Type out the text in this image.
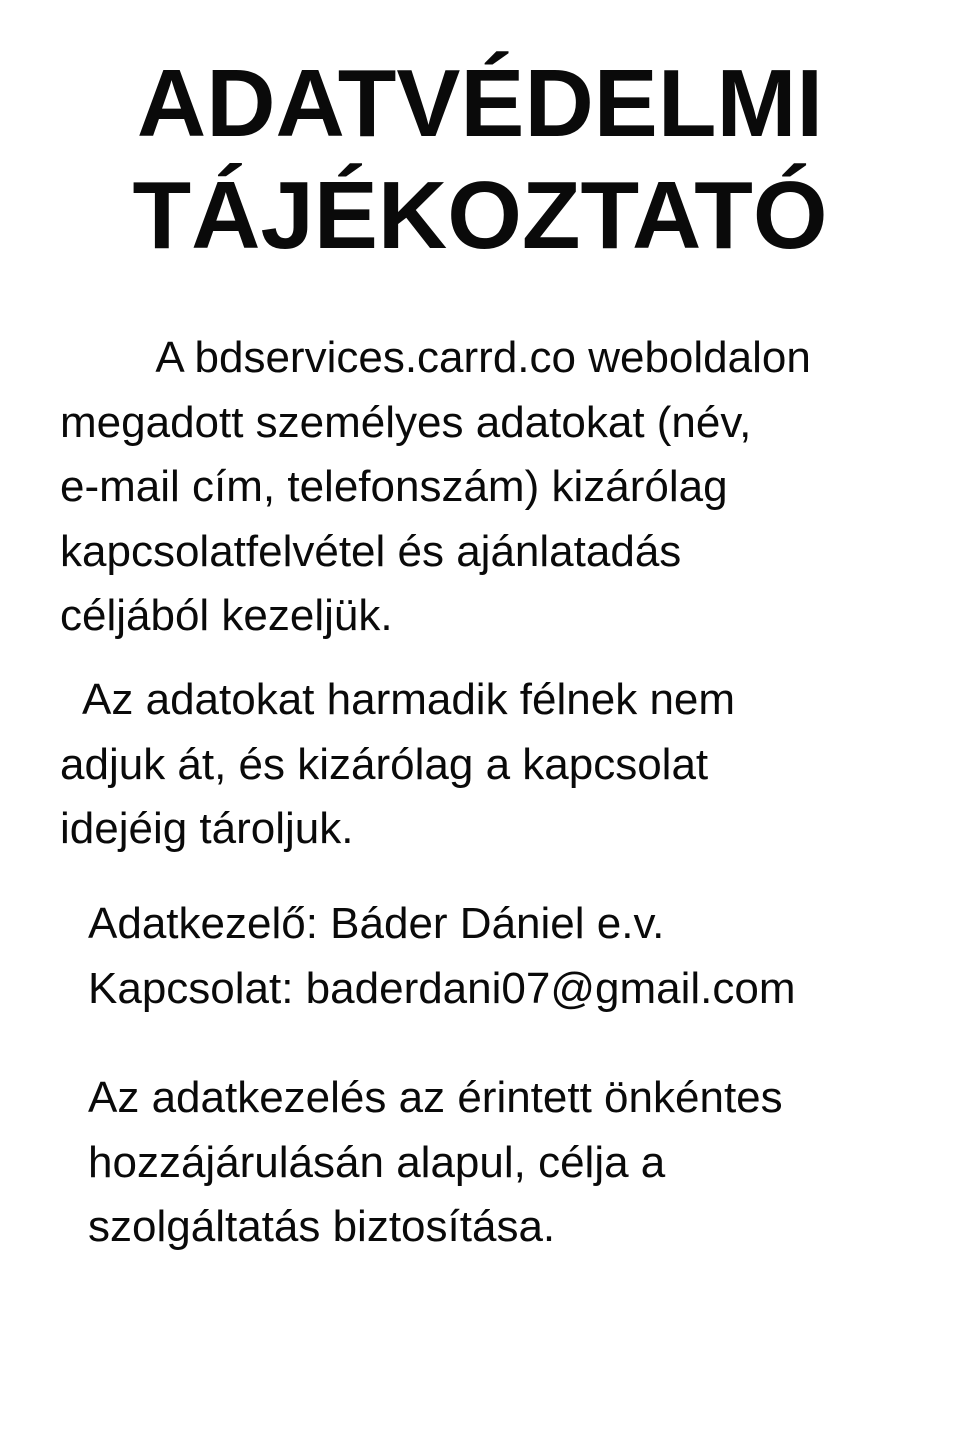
ADATVÉDELMI
TÁJÉKOZTATÓ

A bdservices.carrd.co weboldalon
megadott személyes adatokat (név,
e-mail cím, telefonszám) kizárólag
kapcsolatfelvétel és ajánlatadás
céljából kezeljük.

Az adatokat harmadik félnek nem
adjuk át, és kizárólag a kapcsolat
idejéig tároljuk.

Adatkezelő: Báder Dániel e.v.
Kapcsolat: baderdani07@gmail.com

Az adatkezelés az érintett önkéntes
hozzájárulásán alapul, célja a
szolgáltatás biztosítása.
